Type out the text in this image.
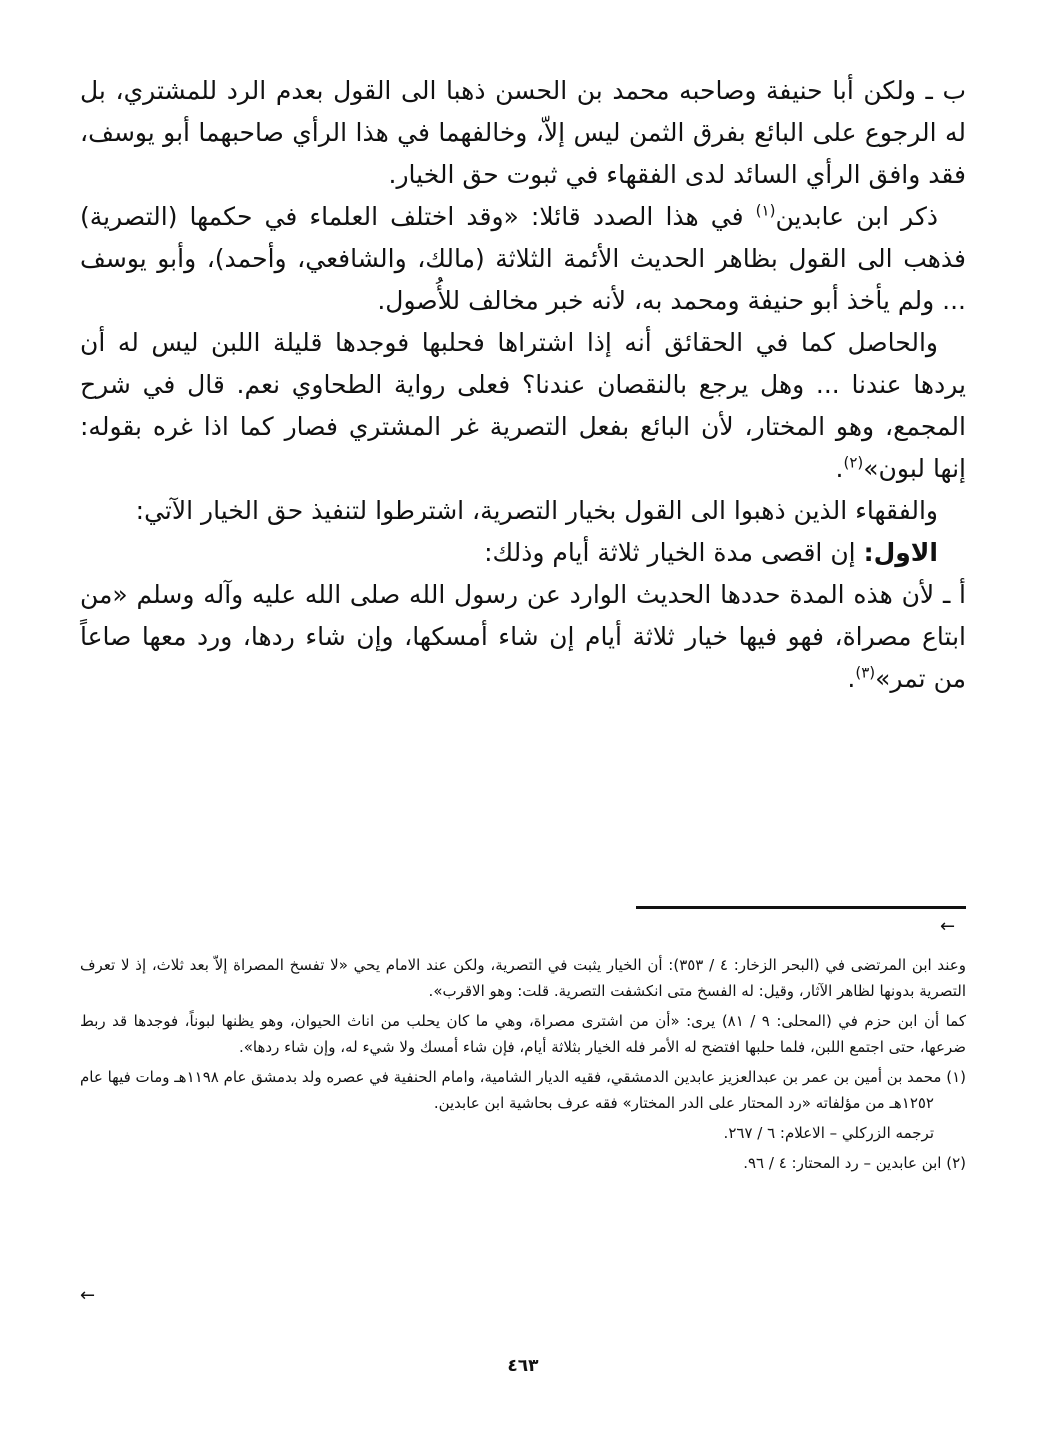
ب ـ ولكن أبا حنيفة وصاحبه محمد بن الحسن ذهبا الى القول بعدم الرد للمشتري، بل له الرجوع على البائع بفرق الثمن ليس إلاّ، وخالفهما في هذا الرأي صاحبهما أبو يوسف، فقد وافق الرأي السائد لدى الفقهاء في ثبوت حق الخيار.

ذكر ابن عابدين$^{(١)}$ في هذا الصدد قائلا: «وقد اختلف العلماء في حكمها (التصرية) فذهب الى القول بظاهر الحديث الأئمة الثلاثة (مالك، والشافعي، وأحمد)، وأبو يوسف ... ولم يأخذ أبو حنيفة ومحمد به، لأنه خبر مخالف للأُصول.

والحاصل كما في الحقائق أنه إذا اشتراها فحلبها فوجدها قليلة اللبن ليس له أن يردها عندنا ... وهل يرجع بالنقصان عندنا؟ فعلى رواية الطحاوي نعم. قال في شرح المجمع، وهو المختار، لأن البائع بفعل التصرية غر المشتري فصار كما اذا غره بقوله: إنها لبون»$^{(٢)}$.

والفقهاء الذين ذهبوا الى القول بخيار التصرية، اشترطوا لتنفيذ حق الخيار الآتي:

الاول: إن اقصى مدة الخيار ثلاثة أيام وذلك:

أ ـ لأن هذه المدة حددها الحديث الوارد عن رسول الله صلى الله عليه وآله وسلم «من ابتاع مصراة، فهو فيها خيار ثلاثة أيام إن شاء أمسكها، وإن شاء ردها، ورد معها صاعاً من تمر»$^{(٣)}$.

←

وعند ابن المرتضى في (البحر الزخار: ٤ / ٣٥٣): أن الخيار يثبت في التصرية، ولكن عند الامام يحي «لا تفسخ المصراة إلاّ بعد ثلاث، إذ لا تعرف التصرية بدونها لظاهر الآثار، وقيل: له الفسخ متى انكشفت التصرية. قلت: وهو الاقرب».

كما أن ابن حزم في (المحلى: ٩ / ٨١) يرى: «أن من اشترى مصراة، وهي ما كان يحلب من اناث الحيوان، وهو يظنها لبوناً، فوجدها قد ربط ضرعها، حتى اجتمع اللبن، فلما حلبها افتضح له الأمر فله الخيار بثلاثة أيام، فإن شاء أمسك ولا شيء له، وإن شاء ردها».

(١) محمد بن أمين بن عمر بن عبدالعزيز عابدين الدمشقي، فقيه الديار الشامية، وامام الحنفية في عصره ولد بدمشق عام ١١٩٨هـ ومات فيها عام ١٢٥٢هـ من مؤلفاته «رد المحتار على الدر المختار» فقه عرف بحاشية ابن عابدين.

ترجمه الزركلي – الاعلام: ٦ / ٢٦٧.

(٢) ابن عابدين – رد المحتار: ٤ / ٩٦.

←
٤٦٣
